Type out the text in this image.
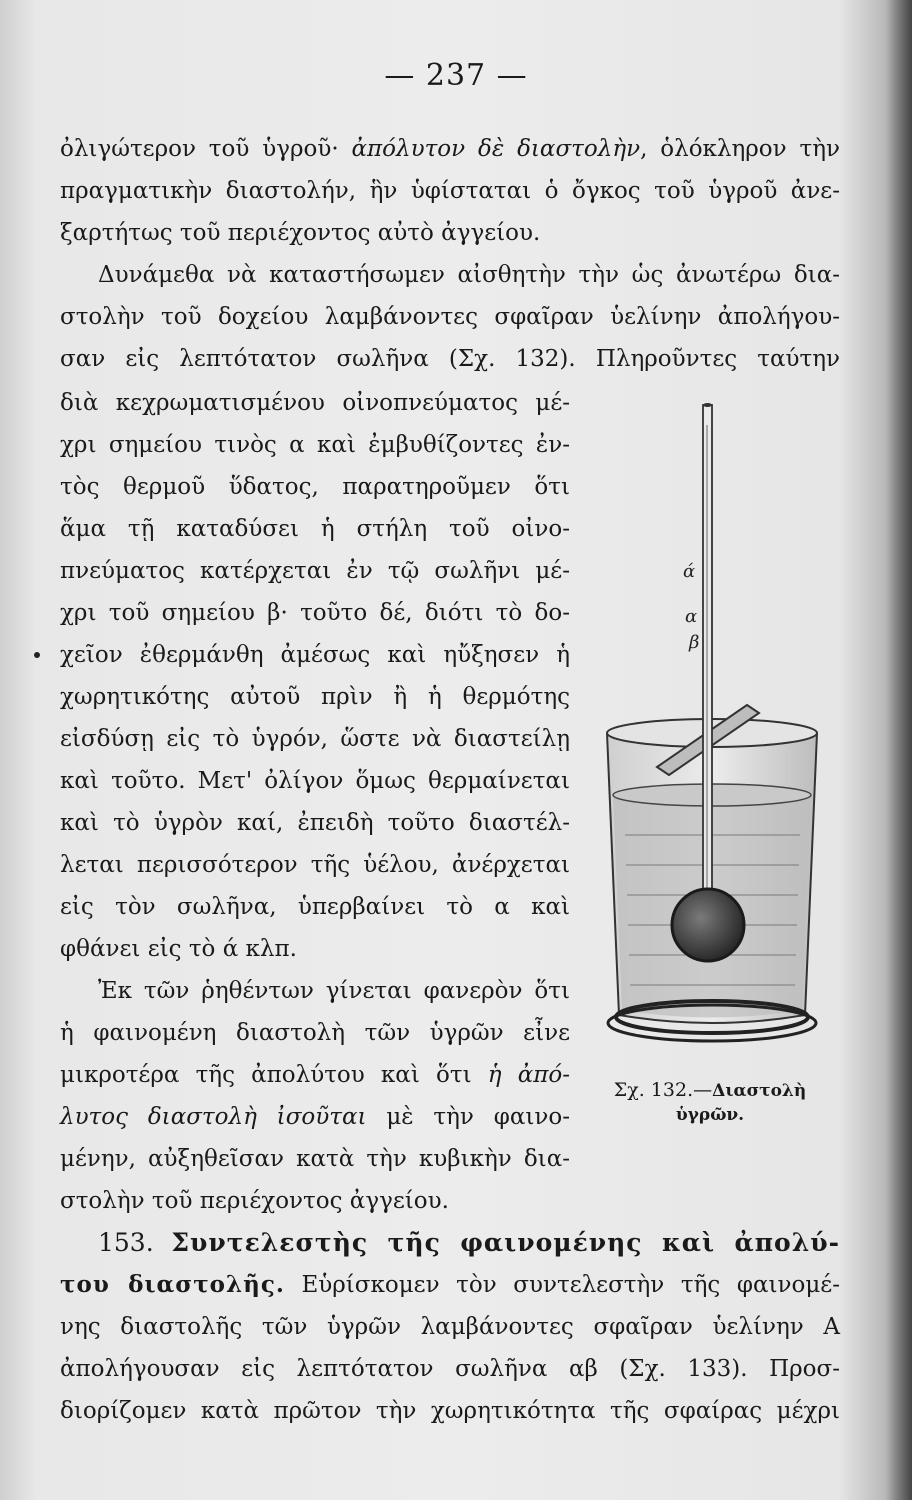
— 237 —
ὀλιγώτερον τοῦ ὑγροῦ· ἀπόλυτον δὲ διαστολὴν, ὁλόκληρον τὴν
πραγματικὴν διαστολήν, ἣν ὑφίσταται ὁ ὄγκος τοῦ ὑγροῦ ἀνε-
ξαρτήτως τοῦ περιέχοντος αὐτὸ ἀγγείου.
Δυνάμεθα νὰ καταστήσωμεν αἰσθητὴν τὴν ὡς ἀνωτέρω δια-
στολὴν τοῦ δοχείου λαμβάνοντες σφαῖραν ὑελίνην ἀπολήγου-
σαν εἰς λεπτότατον σωλῆνα (Σχ. 132). Πληροῦντες ταύτην
διὰ κεχρωματισμένου οἰνοπνεύματος μέ-
χρι σημείου τινὸς α καὶ ἐμβυθίζοντες ἐν-
τὸς θερμοῦ ὕδατος, παρατηροῦμεν ὅτι
ἅμα τῇ καταδύσει ἡ στήλη τοῦ οἰνο-
πνεύματος κατέρχεται ἐν τῷ σωλῆνι μέ-
χρι τοῦ σημείου β· τοῦτο δέ, διότι τὸ δο-
χεῖον ἐθερμάνθη ἀμέσως καὶ ηὔξησεν ἡ
χωρητικότης αὐτοῦ πρὶν ἢ ἡ θερμότης
εἰσδύσῃ εἰς τὸ ὑγρόν, ὥστε νὰ διαστείλῃ
καὶ τοῦτο. Μετ' ὀλίγον ὅμως θερμαίνεται
καὶ τὸ ὑγρὸν καί, ἐπειδὴ τοῦτο διαστέλ-
λεται περισσότερον τῆς ὑέλου, ἀνέρχεται
εἰς τὸν σωλῆνα, ὑπερβαίνει τὸ α καὶ
φθάνει εἰς τὸ ά κλπ.
Ἐκ τῶν ῥηθέντων γίνεται φανερὸν ὅτι
ἡ φαινομένη διαστολὴ τῶν ὑγρῶν εἶνε
μικροτέρα τῆς ἀπολύτου καὶ ὅτι ἡ ἀπό-
λυτος διαστολὴ ἰσοῦται μὲ τὴν φαινο-
μένην, αὐξηθεῖσαν κατὰ τὴν κυβικὴν δια-
στολὴν τοῦ περιέχοντος ἀγγείου.
153. Συντελεστὴς τῆς φαινομένης καὶ ἀπολύ-
του διαστολῆς. Εὑρίσκομεν τὸν συντελεστὴν τῆς φαινομέ-
νης διαστολῆς τῶν ὑγρῶν λαμβάνοντες σφαῖραν ὑελίνην Α
ἀπολήγουσαν εἰς λεπτότατον σωλῆνα αβ (Σχ. 133). Προσ-
διορίζομεν κατὰ πρῶτον τὴν χωρητικότητα τῆς σφαίρας μέχρι
ά
α
β
Σχ. 132.—Διαστολὴ
ὑγρῶν.
